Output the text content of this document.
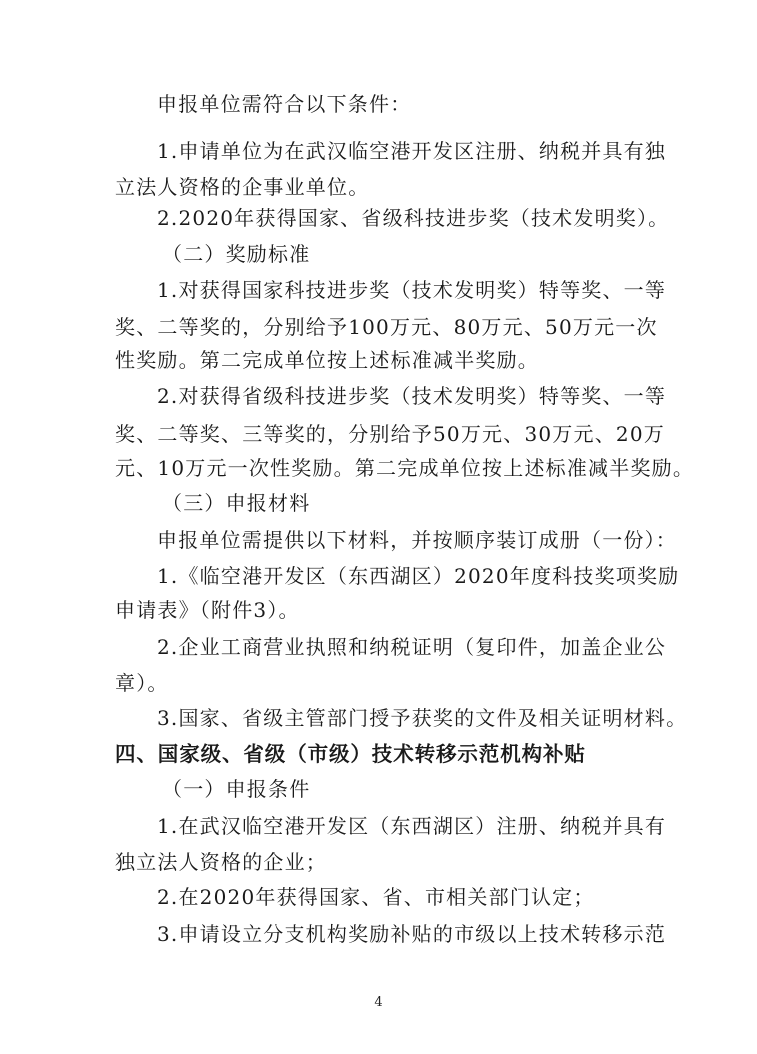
申报单位需符合以下条件：
1.申请单位为在武汉临空港开发区注册、纳税并具有独
立法人资格的企事业单位。
2.2020年获得国家、省级科技进步奖（技术发明奖）。
（二）奖励标准
1.对获得国家科技进步奖（技术发明奖）特等奖、一等
奖、二等奖的，分别给予100万元、80万元、50万元一次
性奖励。第二完成单位按上述标准减半奖励。
2.对获得省级科技进步奖（技术发明奖）特等奖、一等
奖、二等奖、三等奖的，分别给予50万元、30万元、20万
元、10万元一次性奖励。第二完成单位按上述标准减半奖励。
（三）申报材料
申报单位需提供以下材料，并按顺序装订成册（一份）：
1.《临空港开发区（东西湖区）2020年度科技奖项奖励
申请表》（附件3）。
2.企业工商营业执照和纳税证明（复印件，加盖企业公
章）。
3.国家、省级主管部门授予获奖的文件及相关证明材料。
四、国家级、省级（市级）技术转移示范机构补贴
（一）申报条件
1.在武汉临空港开发区（东西湖区）注册、纳税并具有
独立法人资格的企业；
2.在2020年获得国家、省、市相关部门认定；
3.申请设立分支机构奖励补贴的市级以上技术转移示范
4
